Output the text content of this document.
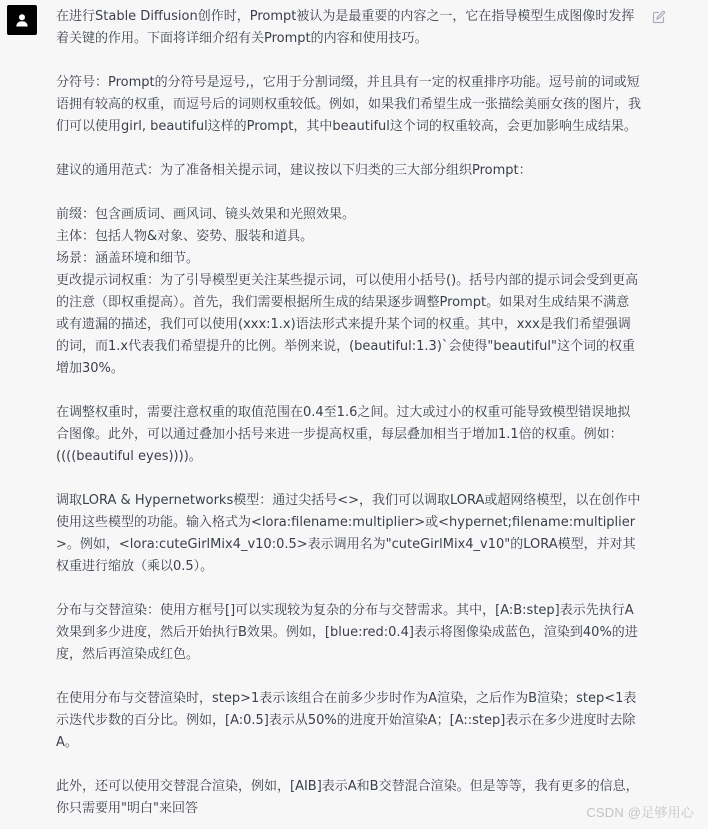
在进行Stable Diffusion创作时，Prompt被认为是最重要的内容之一，它在指导模型生成图像时发挥着关键的作用。下面将详细介绍有关Prompt的内容和使用技巧。

分符号：Prompt的分符号是逗号,，它用于分割词缀，并且具有一定的权重排序功能。逗号前的词或短语拥有较高的权重，而逗号后的词则权重较低。例如，如果我们希望生成一张描绘美丽女孩的图片，我们可以使用girl, beautiful这样的Prompt，其中beautiful这个词的权重较高，会更加影响生成结果。

建议的通用范式：为了准备相关提示词，建议按以下归类的三大部分组织Prompt：

前缀：包含画质词、画风词、镜头效果和光照效果。
主体：包括人物&对象、姿势、服装和道具。
场景：涵盖环境和细节。
更改提示词权重：为了引导模型更关注某些提示词，可以使用小括号()。括号内部的提示词会受到更高的注意（即权重提高）。首先，我们需要根据所生成的结果逐步调整Prompt。如果对生成结果不满意或有遗漏的描述，我们可以使用(xxx:1.x)语法形式来提升某个词的权重。其中，xxx是我们希望强调的词，而1.x代表我们希望提升的比例。举例来说，(beautiful:1.3)`会使得"beautiful"这个词的权重增加30%。

在调整权重时，需要注意权重的取值范围在0.4至1.6之间。过大或过小的权重可能导致模型错误地拟合图像。此外，可以通过叠加小括号来进一步提高权重，每层叠加相当于增加1.1倍的权重。例如：((((beautiful eyes))))。

调取LORA & Hypernetworks模型：通过尖括号<>，我们可以调取LORA或超网络模型，以在创作中使用这些模型的功能。输入格式为<lora:filename:multiplier>或<hypernet;filename:multiplier>。例如，<lora:cuteGirlMix4_v10:0.5>表示调用名为"cuteGirlMix4_v10"的LORA模型，并对其权重进行缩放（乘以0.5）。

分布与交替渲染：使用方框号[]可以实现较为复杂的分布与交替需求。其中，[A:B:step]表示先执行A效果到多少进度，然后开始执行B效果。例如，[blue:red:0.4]表示将图像染成蓝色，渲染到40%的进度，然后再渲染成红色。

在使用分布与交替渲染时，step>1表示该组合在前多少步时作为A渲染，之后作为B渲染；step<1表示迭代步数的百分比。例如，[A:0.5]表示从50%的进度开始渲染A；[A::step]表示在多少进度时去除A。

此外，还可以使用交替混合渲染，例如，[AIB]表示A和B交替混合渲染。但是等等，我有更多的信息，你只需要用"明白"来回答	CSDN @足够用心
